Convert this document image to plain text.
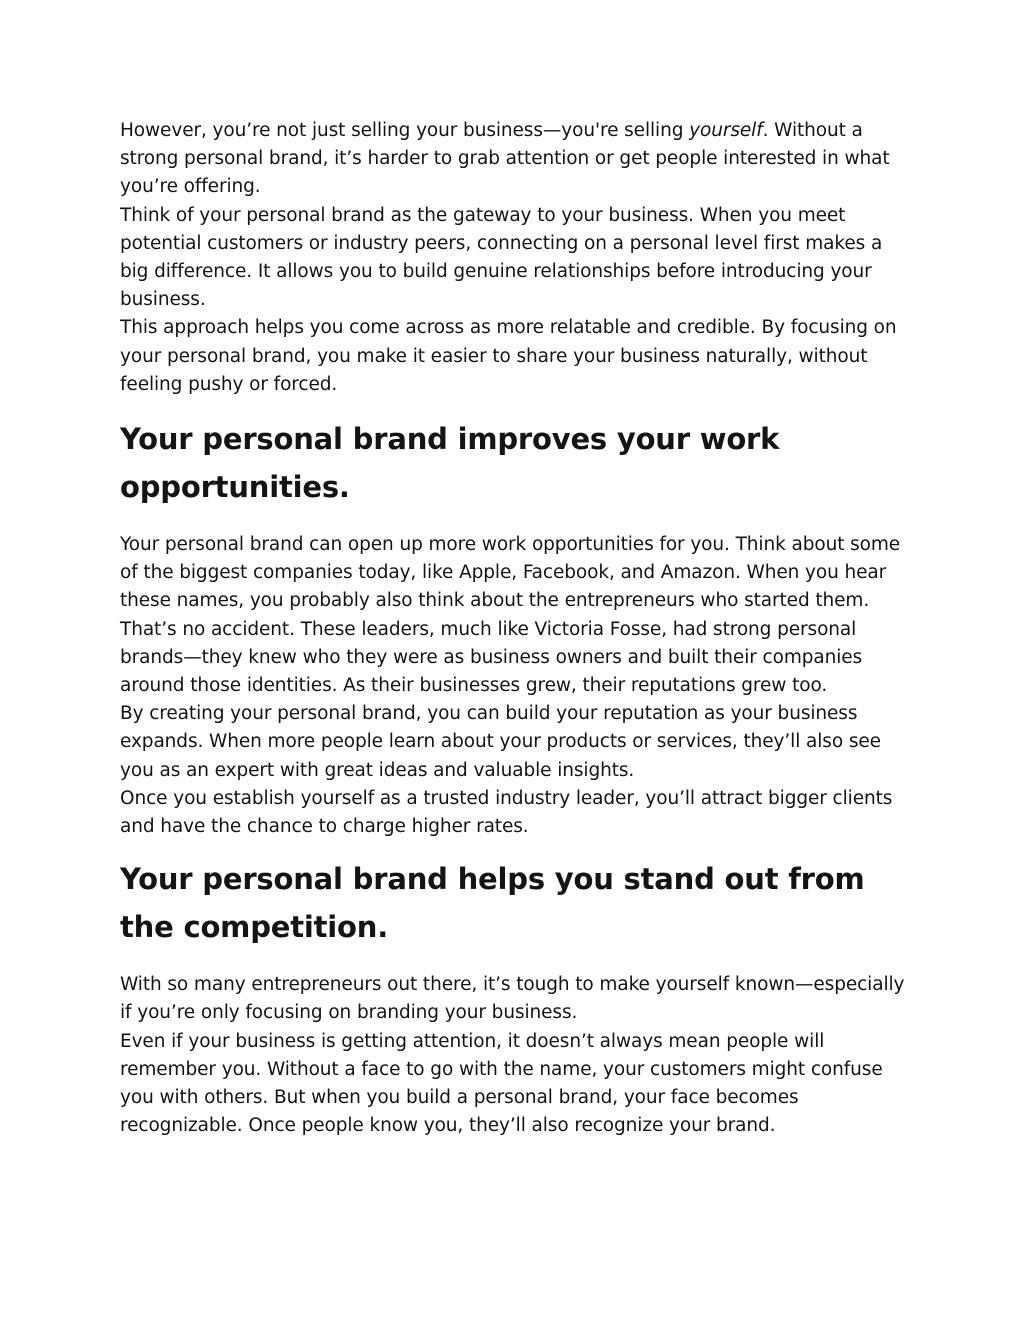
However, you’re not just selling your business—you're selling yourself. Without a strong personal brand, it’s harder to grab attention or get people interested in what you’re offering.

Think of your personal brand as the gateway to your business. When you meet potential customers or industry peers, connecting on a personal level first makes a big difference. It allows you to build genuine relationships before introducing your business.

This approach helps you come across as more relatable and credible. By focusing on your personal brand, you make it easier to share your business naturally, without feeling pushy or forced.

Your personal brand improves your work opportunities.

Your personal brand can open up more work opportunities for you. Think about some of the biggest companies today, like Apple, Facebook, and Amazon. When you hear these names, you probably also think about the entrepreneurs who started them. That’s no accident. These leaders, much like Victoria Fosse, had strong personal brands—they knew who they were as business owners and built their companies around those identities. As their businesses grew, their reputations grew too.

By creating your personal brand, you can build your reputation as your business expands. When more people learn about your products or services, they’ll also see you as an expert with great ideas and valuable insights.

Once you establish yourself as a trusted industry leader, you’ll attract bigger clients and have the chance to charge higher rates.

Your personal brand helps you stand out from the competition.

With so many entrepreneurs out there, it’s tough to make yourself known—especially if you’re only focusing on branding your business.

Even if your business is getting attention, it doesn’t always mean people will remember you. Without a face to go with the name, your customers might confuse you with others. But when you build a personal brand, your face becomes recognizable. Once people know you, they’ll also recognize your brand.
